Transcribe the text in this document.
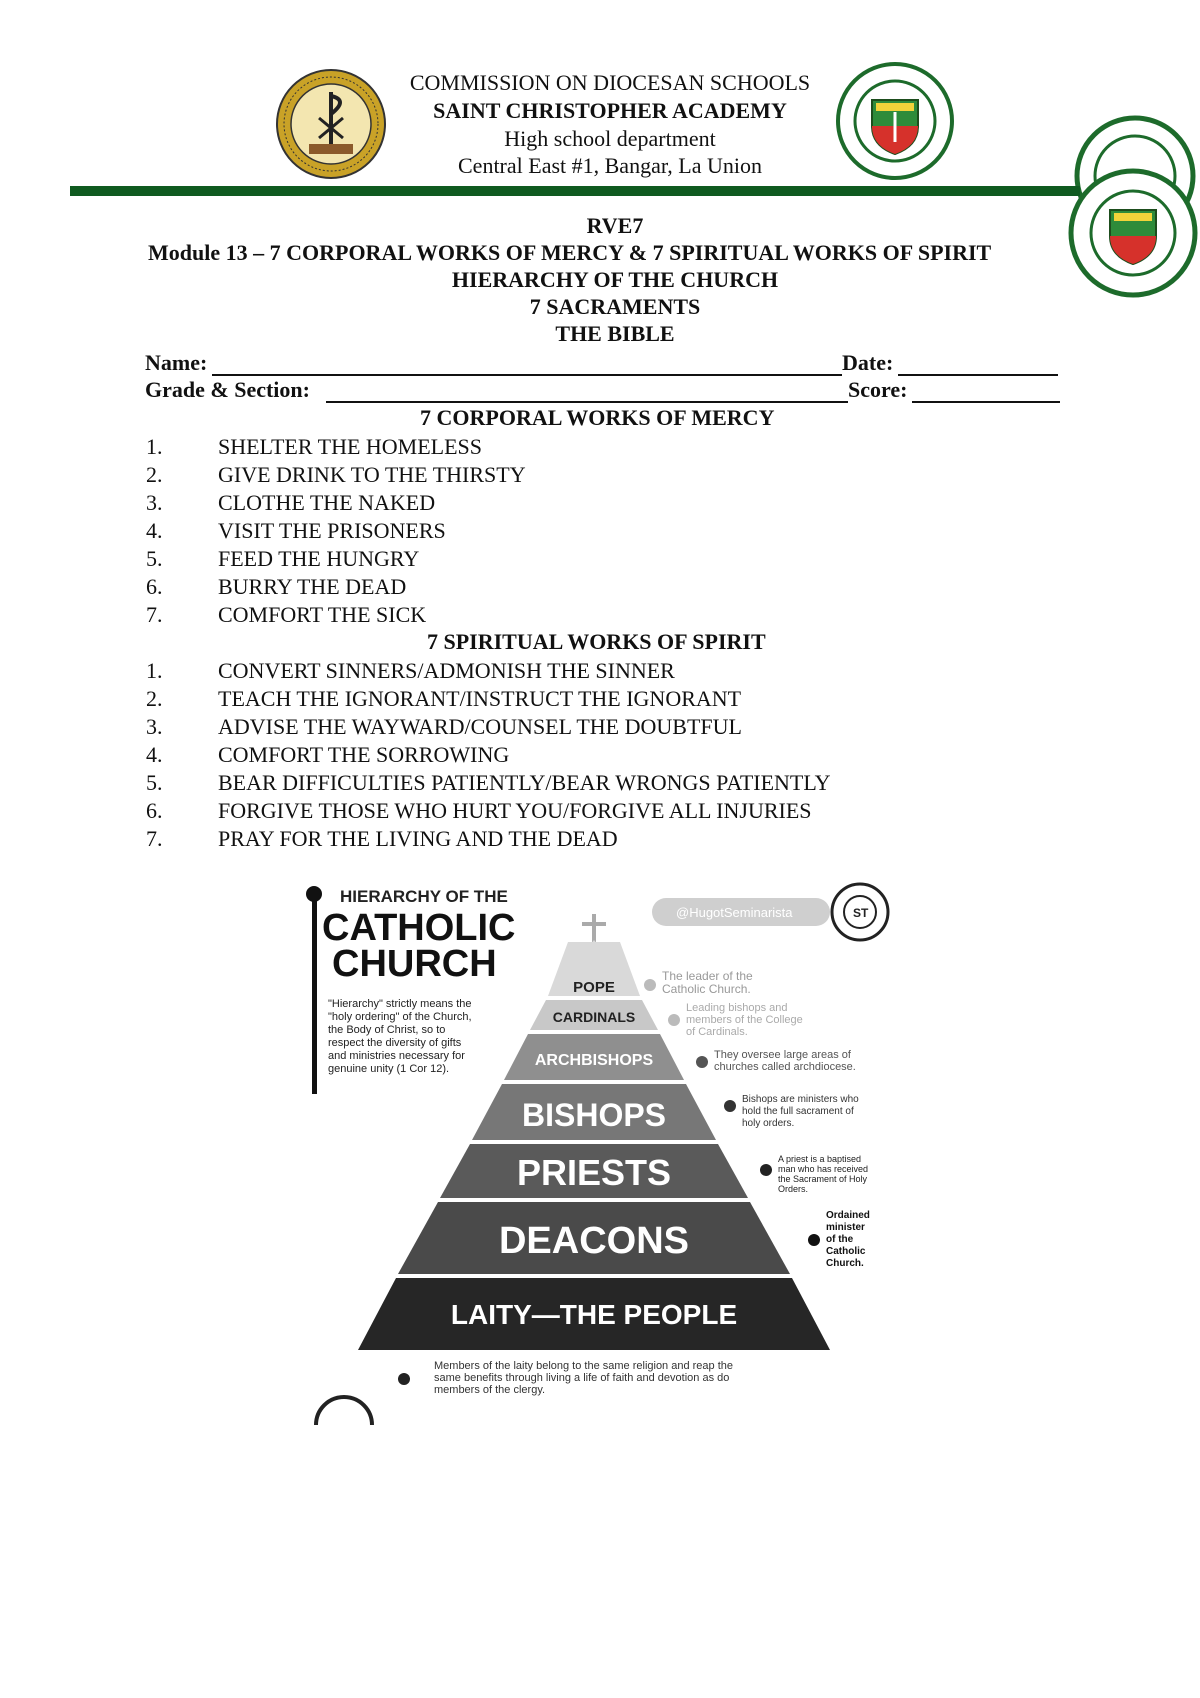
COMMISSION ON DIOCESAN SCHOOLS
SAINT CHRISTOPHER ACADEMY
High school department
Central East #1, Bangar, La Union
RVE7
Module 13 – 7 CORPORAL WORKS OF MERCY & 7 SPIRITUAL WORKS OF SPIRIT
HIERARCHY OF THE CHURCH
7 SACRAMENTS
THE BIBLE
Name:	Date:
Grade & Section:	Score:
7 CORPORAL WORKS OF MERCY
1.	SHELTER THE HOMELESS
2.	GIVE DRINK TO THE THIRSTY
3.	CLOTHE THE NAKED
4.	VISIT THE PRISONERS
5.	FEED THE HUNGRY
6.	BURRY THE DEAD
7.	COMFORT THE SICK
7 SPIRITUAL WORKS OF SPIRIT
1.	CONVERT SINNERS/ADMONISH THE SINNER
2.	TEACH THE IGNORANT/INSTRUCT THE IGNORANT
3.	ADVISE THE WAYWARD/COUNSEL THE DOUBTFUL
4.	COMFORT THE SORROWING
5.	BEAR DIFFICULTIES PATIENTLY/BEAR WRONGS PATIENTLY
6.	FORGIVE THOSE WHO HURT YOU/FORGIVE ALL INJURIES
7.	PRAY FOR THE LIVING AND THE DEAD
HIERARCHY OF THE
CATHOLIC
CHURCH
"Hierarchy" strictly means the
"holy ordering" of the Church,
the Body of Christ, so to
respect the diversity of gifts
and ministries necessary for
genuine unity (1 Cor 12).
@HugotSeminarista	ST
POPE
CARDINALS
ARCHBISHOPS
BISHOPS
PRIESTS
DEACONS
LAITY—THE PEOPLE
The leader of the
Catholic Church.
Leading bishops and
members of the College
of Cardinals.
They oversee large areas of
churches called archdiocese.
Bishops are ministers who
hold the full sacrament of
holy orders.
A priest is a baptised
man who has received
the Sacrament of Holy
Orders.
Ordained
minister
of the
Catholic
Church.
Members of the laity belong to the same religion and reap the
same benefits through living a life of faith and devotion as do
members of the clergy.
